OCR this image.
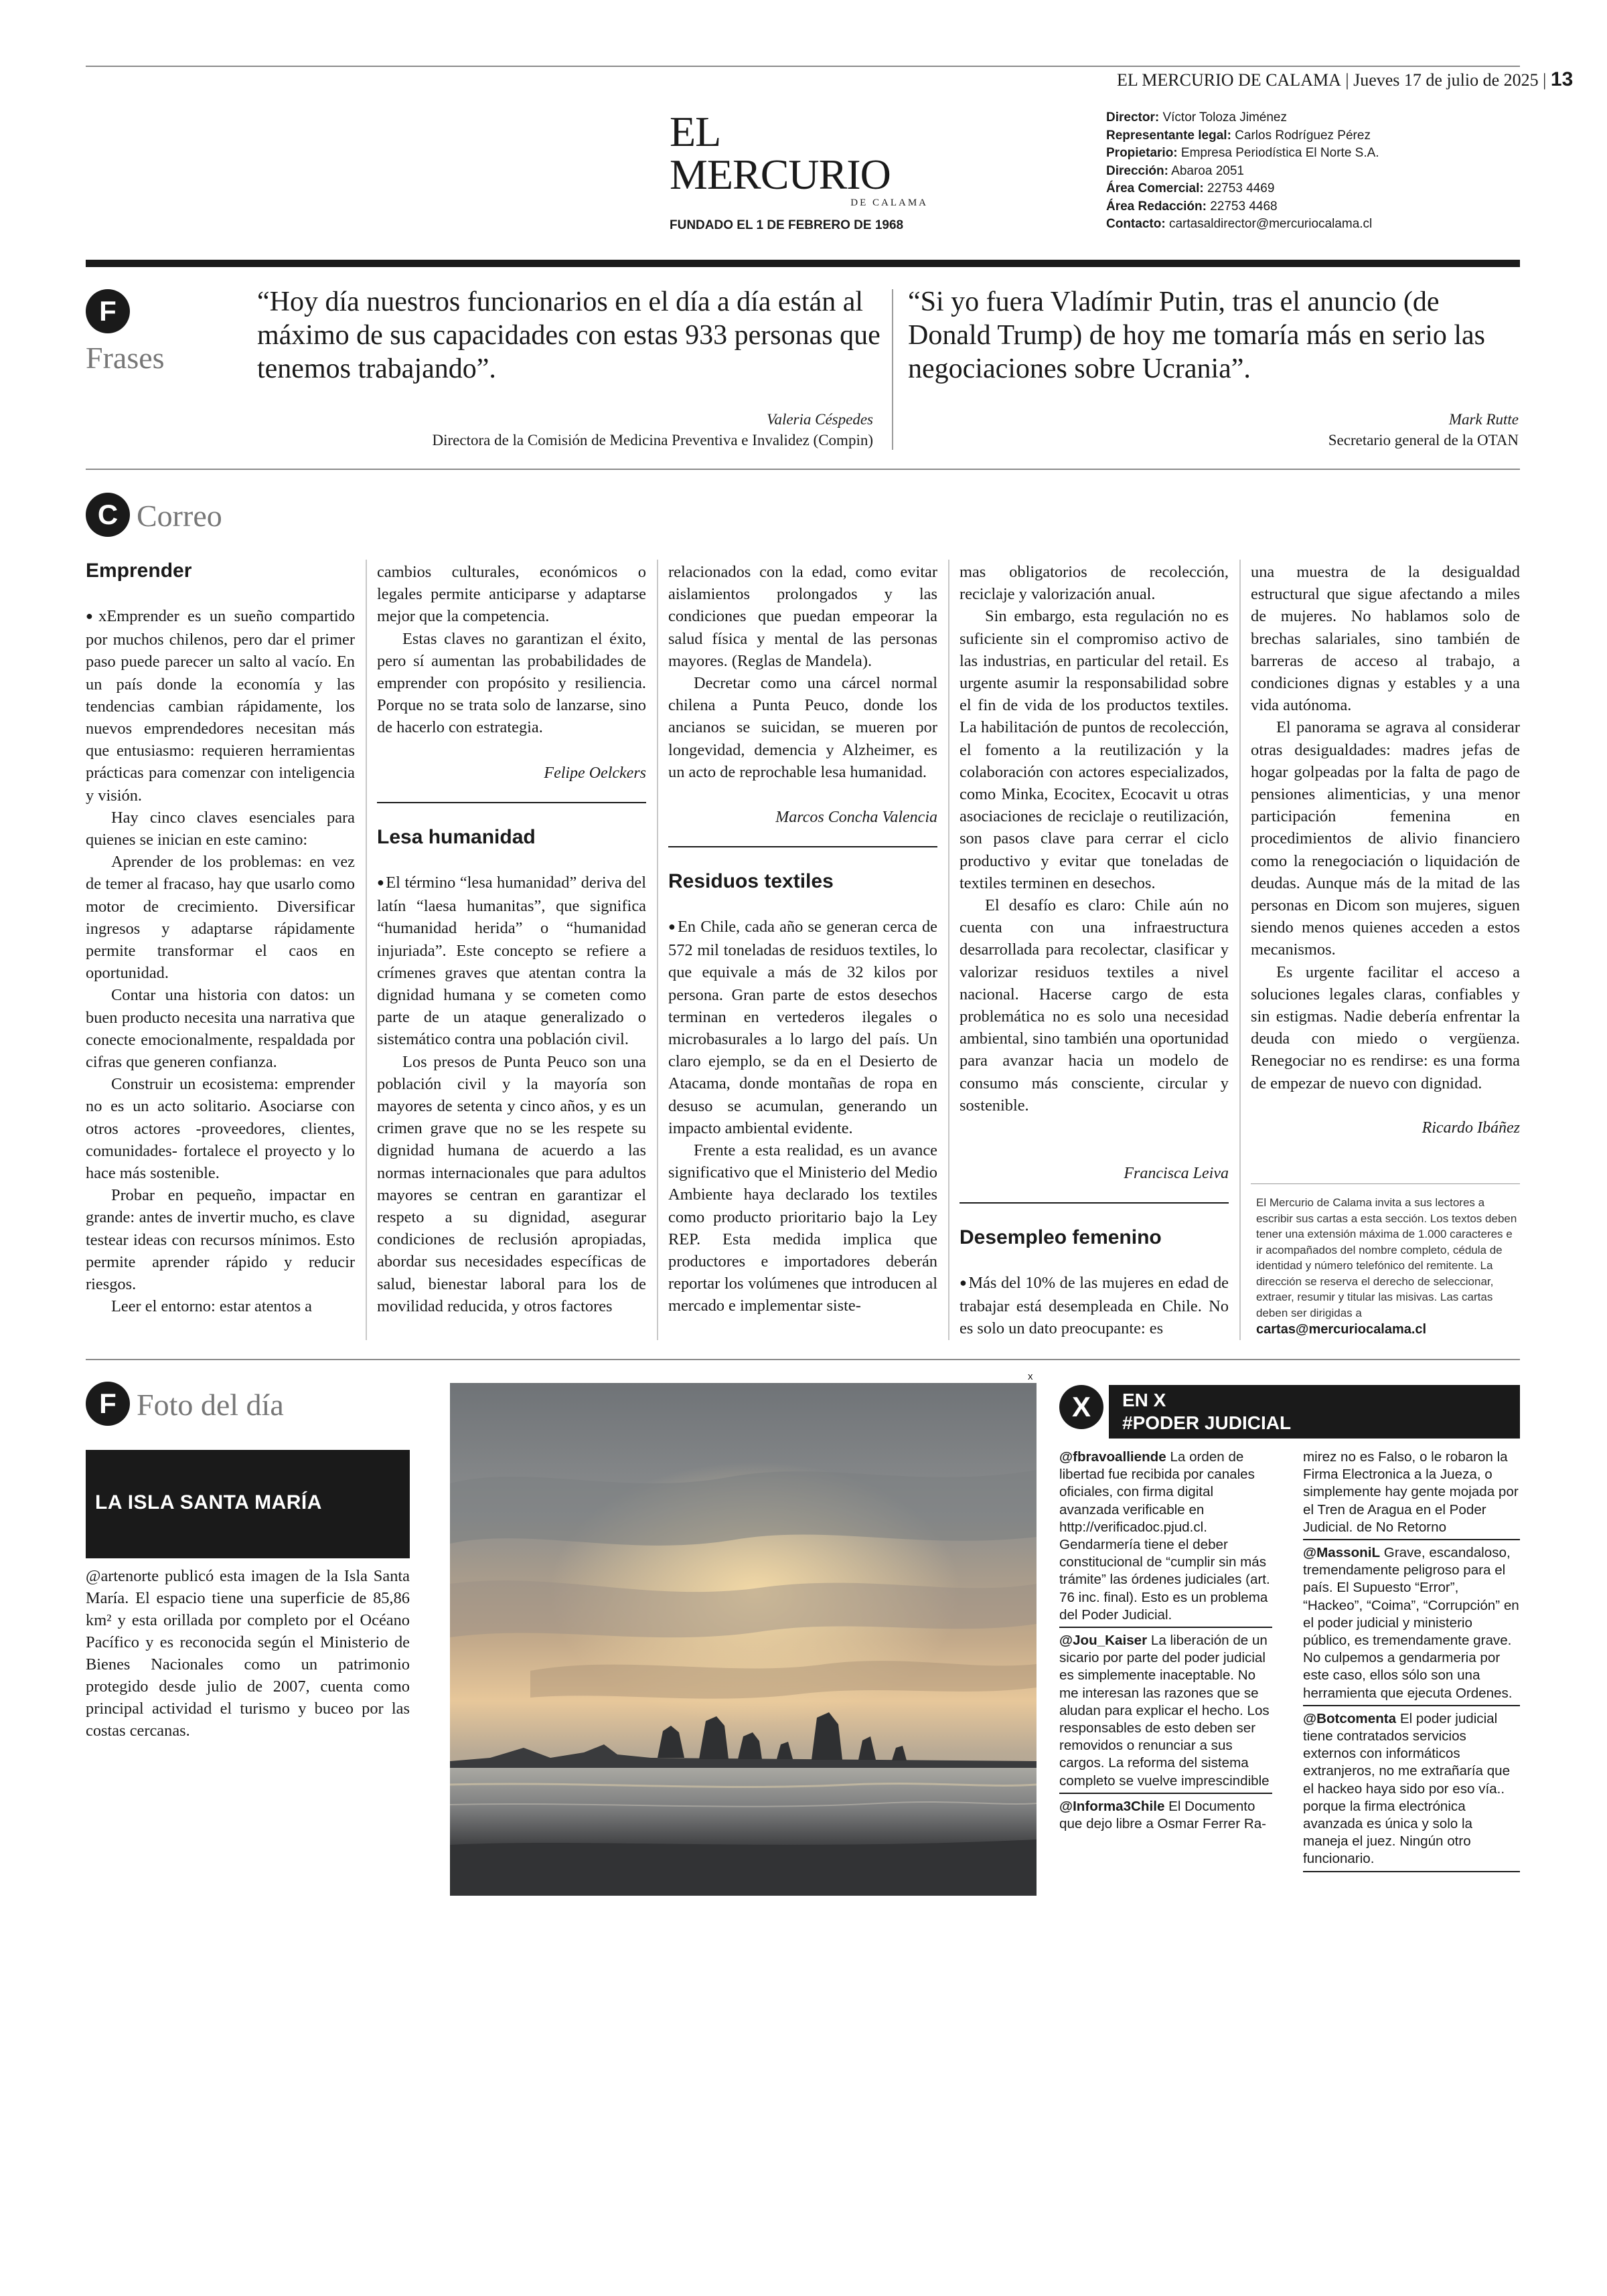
EL MERCURIO DE CALAMA | Jueves 17 de julio de 2025 | 13
EL MERCURIO
DE CALAMA
FUNDADO EL 1 DE FEBRERO DE 1968
Director: Víctor Toloza Jiménez
Representante legal: Carlos Rodríguez Pérez
Propietario: Empresa Periodística El Norte S.A.
Dirección: Abaroa 2051
Área Comercial: 22753 4469
Área Redacción: 22753 4468
Contacto: cartasaldirector@mercuriocalama.cl
F
Frases
“Hoy día nuestros funcionarios en el día a día están al máximo de sus capacidades con estas 933 personas que tenemos trabajando”.
Valeria Céspedes
Directora de la Comisión de Medicina Preventiva e Invalidez (Compin)
“Si yo fuera Vladímir Putin, tras el anuncio (de Donald Trump) de hoy me tomaría más en serio las negociaciones sobre Ucrania”.
Mark Rutte
Secretario general de la OTAN
C Correo
Emprender

● xEmprender es un sueño compartido por muchos chilenos, pero dar el primer paso puede parecer un salto al vacío. En un país donde la economía y las tendencias cambian rápidamente, los nuevos emprendedores necesitan más que entusiasmo: requieren herramientas prácticas para comenzar con inteligencia y visión.

Hay cinco claves esenciales para quienes se inician en este camino:

Aprender de los problemas: en vez de temer al fracaso, hay que usarlo como motor de crecimiento. Diversificar ingresos y adaptarse rápidamente permite transformar el caos en oportunidad.

Contar una historia con datos: un buen producto necesita una narrativa que conecte emocionalmente, respaldada por cifras que generen confianza.

Construir un ecosistema: emprender no es un acto solitario. Asociarse con otros actores -proveedores, clientes, comunidades- fortalece el proyecto y lo hace más sostenible.

Probar en pequeño, impactar en grande: antes de invertir mucho, es clave testear ideas con recursos mínimos. Esto permite aprender rápido y reducir riesgos.

Leer el entorno: estar atentos a

cambios culturales, económicos o legales permite anticiparse y adaptarse mejor que la competencia.

Estas claves no garantizan el éxito, pero sí aumentan las probabilidades de emprender con propósito y resiliencia. Porque no se trata solo de lanzarse, sino de hacerlo con estrategia.

Felipe Oelckers
Lesa humanidad

● El término “lesa humanidad” deriva del latín “laesa humanitas”, que significa “humanidad herida” o “humanidad injuriada”. Este concepto se refiere a crímenes graves que atentan contra la dignidad humana y se cometen como parte de un ataque generalizado o sistemático contra una población civil.

Los presos de Punta Peuco son una población civil y la mayoría son mayores de setenta y cinco años, y es un crimen grave que no se les respete su dignidad humana de acuerdo a las normas internacionales que para adultos mayores se centran en garantizar el respeto a su dignidad, asegurar condiciones de reclusión apropiadas, abordar sus necesidades específicas de salud, bienestar laboral para los de movilidad reducida, y otros factores

relacionados con la edad, como evitar aislamientos prolongados y las condiciones que puedan empeorar la salud física y mental de las personas mayores. (Reglas de Mandela).

Decretar como una cárcel normal chilena a Punta Peuco, donde los ancianos se suicidan, se mueren por longevidad, demencia y Alzheimer, es un acto de reprochable lesa humanidad.

Marcos Concha Valencia
Residuos textiles

● En Chile, cada año se generan cerca de 572 mil toneladas de residuos textiles, lo que equivale a más de 32 kilos por persona. Gran parte de estos desechos terminan en vertederos ilegales o microbasurales a lo largo del país. Un claro ejemplo, se da en el Desierto de Atacama, donde montañas de ropa en desuso se acumulan, generando un impacto ambiental evidente.

Frente a esta realidad, es un avance significativo que el Ministerio del Medio Ambiente haya declarado los textiles como producto prioritario bajo la Ley REP. Esta medida implica que productores e importadores deberán reportar los volúmenes que introducen al mercado e implementar siste-

mas obligatorios de recolección, reciclaje y valorización anual.

Sin embargo, esta regulación no es suficiente sin el compromiso activo de las industrias, en particular del retail. Es urgente asumir la responsabilidad sobre el fin de vida de los productos textiles. La habilitación de puntos de recolección, el fomento a la reutilización y la colaboración con actores especializados, como Minka, Ecocitex, Ecocavit u otras asociaciones de reciclaje o reutilización, son pasos clave para cerrar el ciclo productivo y evitar que toneladas de textiles terminen en desechos.

El desafío es claro: Chile aún no cuenta con una infraestructura desarrollada para recolectar, clasificar y valorizar residuos textiles a nivel nacional. Hacerse cargo de esta problemática no es solo una necesidad ambiental, sino también una oportunidad para avanzar hacia un modelo de consumo más consciente, circular y sostenible.

Francisca Leiva
Desempleo femenino

● Más del 10% de las mujeres en edad de trabajar está desempleada en Chile. No es solo un dato preocupante: es

una muestra de la desigualdad estructural que sigue afectando a miles de mujeres. No hablamos solo de brechas salariales, sino también de barreras de acceso al trabajo, a condiciones dignas y estables y a una vida autónoma.

El panorama se agrava al considerar otras desigualdades: madres jefas de hogar golpeadas por la falta de pago de pensiones alimenticias, y una menor participación femenina en procedimientos de alivio financiero como la renegociación o liquidación de deudas. Aunque más de la mitad de las personas en Dicom son mujeres, siguen siendo menos quienes acceden a estos mecanismos.

Es urgente facilitar el acceso a soluciones legales claras, confiables y sin estigmas. Nadie debería enfrentar la deuda con miedo o vergüenza. Renegociar no es rendirse: es una forma de empezar de nuevo con dignidad.

Ricardo Ibáñez
El Mercurio de Calama invita a sus lectores a escribir sus cartas a esta sección. Los textos deben tener una extensión máxima de 1.000 caracteres e ir acompañados del nombre completo, cédula de identidad y número telefónico del remitente. La dirección se reserva el derecho de seleccionar, extraer, resumir y titular las misivas. Las cartas deben ser dirigidas a
cartas@mercuriocalama.cl
F Foto del día
LA ISLA SANTA MARÍA
@artenorte publicó esta imagen de la Isla Santa María. El espacio tiene una superficie de 85,86 km² y esta orillada por completo por el Océano Pacífico y es reconocida según el Ministerio de Bienes Nacionales como un patrimonio protegido desde julio de 2007, cuenta como principal actividad el turismo y buceo por las costas cercanas.
x
X	EN X
#PODER JUDICIAL
@fbravoalliende La orden de libertad fue recibida por canales oficiales, con firma digital avanzada verificable en http://verificadoc.pjud.cl. Gendarmería tiene el deber constitucional de “cumplir sin más trámite” las órdenes judiciales (art. 76 inc. final). Esto es un problema del Poder Judicial.
@Jou_Kaiser La liberación de un sicario por parte del poder judicial es simplemente inaceptable. No me interesan las razones que se aludan para explicar el hecho. Los responsables de esto deben ser removidos o renunciar a sus cargos. La reforma del sistema completo se vuelve imprescindible
@Informa3Chile El Documento que dejo libre a Osmar Ferrer Ra-
mirez no es Falso, o le robaron la Firma Electronica a la Jueza, o simplemente hay gente mojada por el Tren de Aragua en el Poder Judicial. de No Retorno
@MassoniL Grave, escandaloso, tremendamente peligroso para el país. El Supuesto “Error”, “Hackeo”, “Coima”, “Corrupción” en el poder judicial y ministerio público, es tremendamente grave. No culpemos a gendarmeria por este caso, ellos sólo son una herramienta que ejecuta Ordenes.
@Botcomenta El poder judicial tiene contratados servicios externos con informáticos extranjeros, no me extrañaría que el hackeo haya sido por eso vía.. porque la firma electrónica avanzada es única y solo la maneja el juez. Ningún otro funcionario.
